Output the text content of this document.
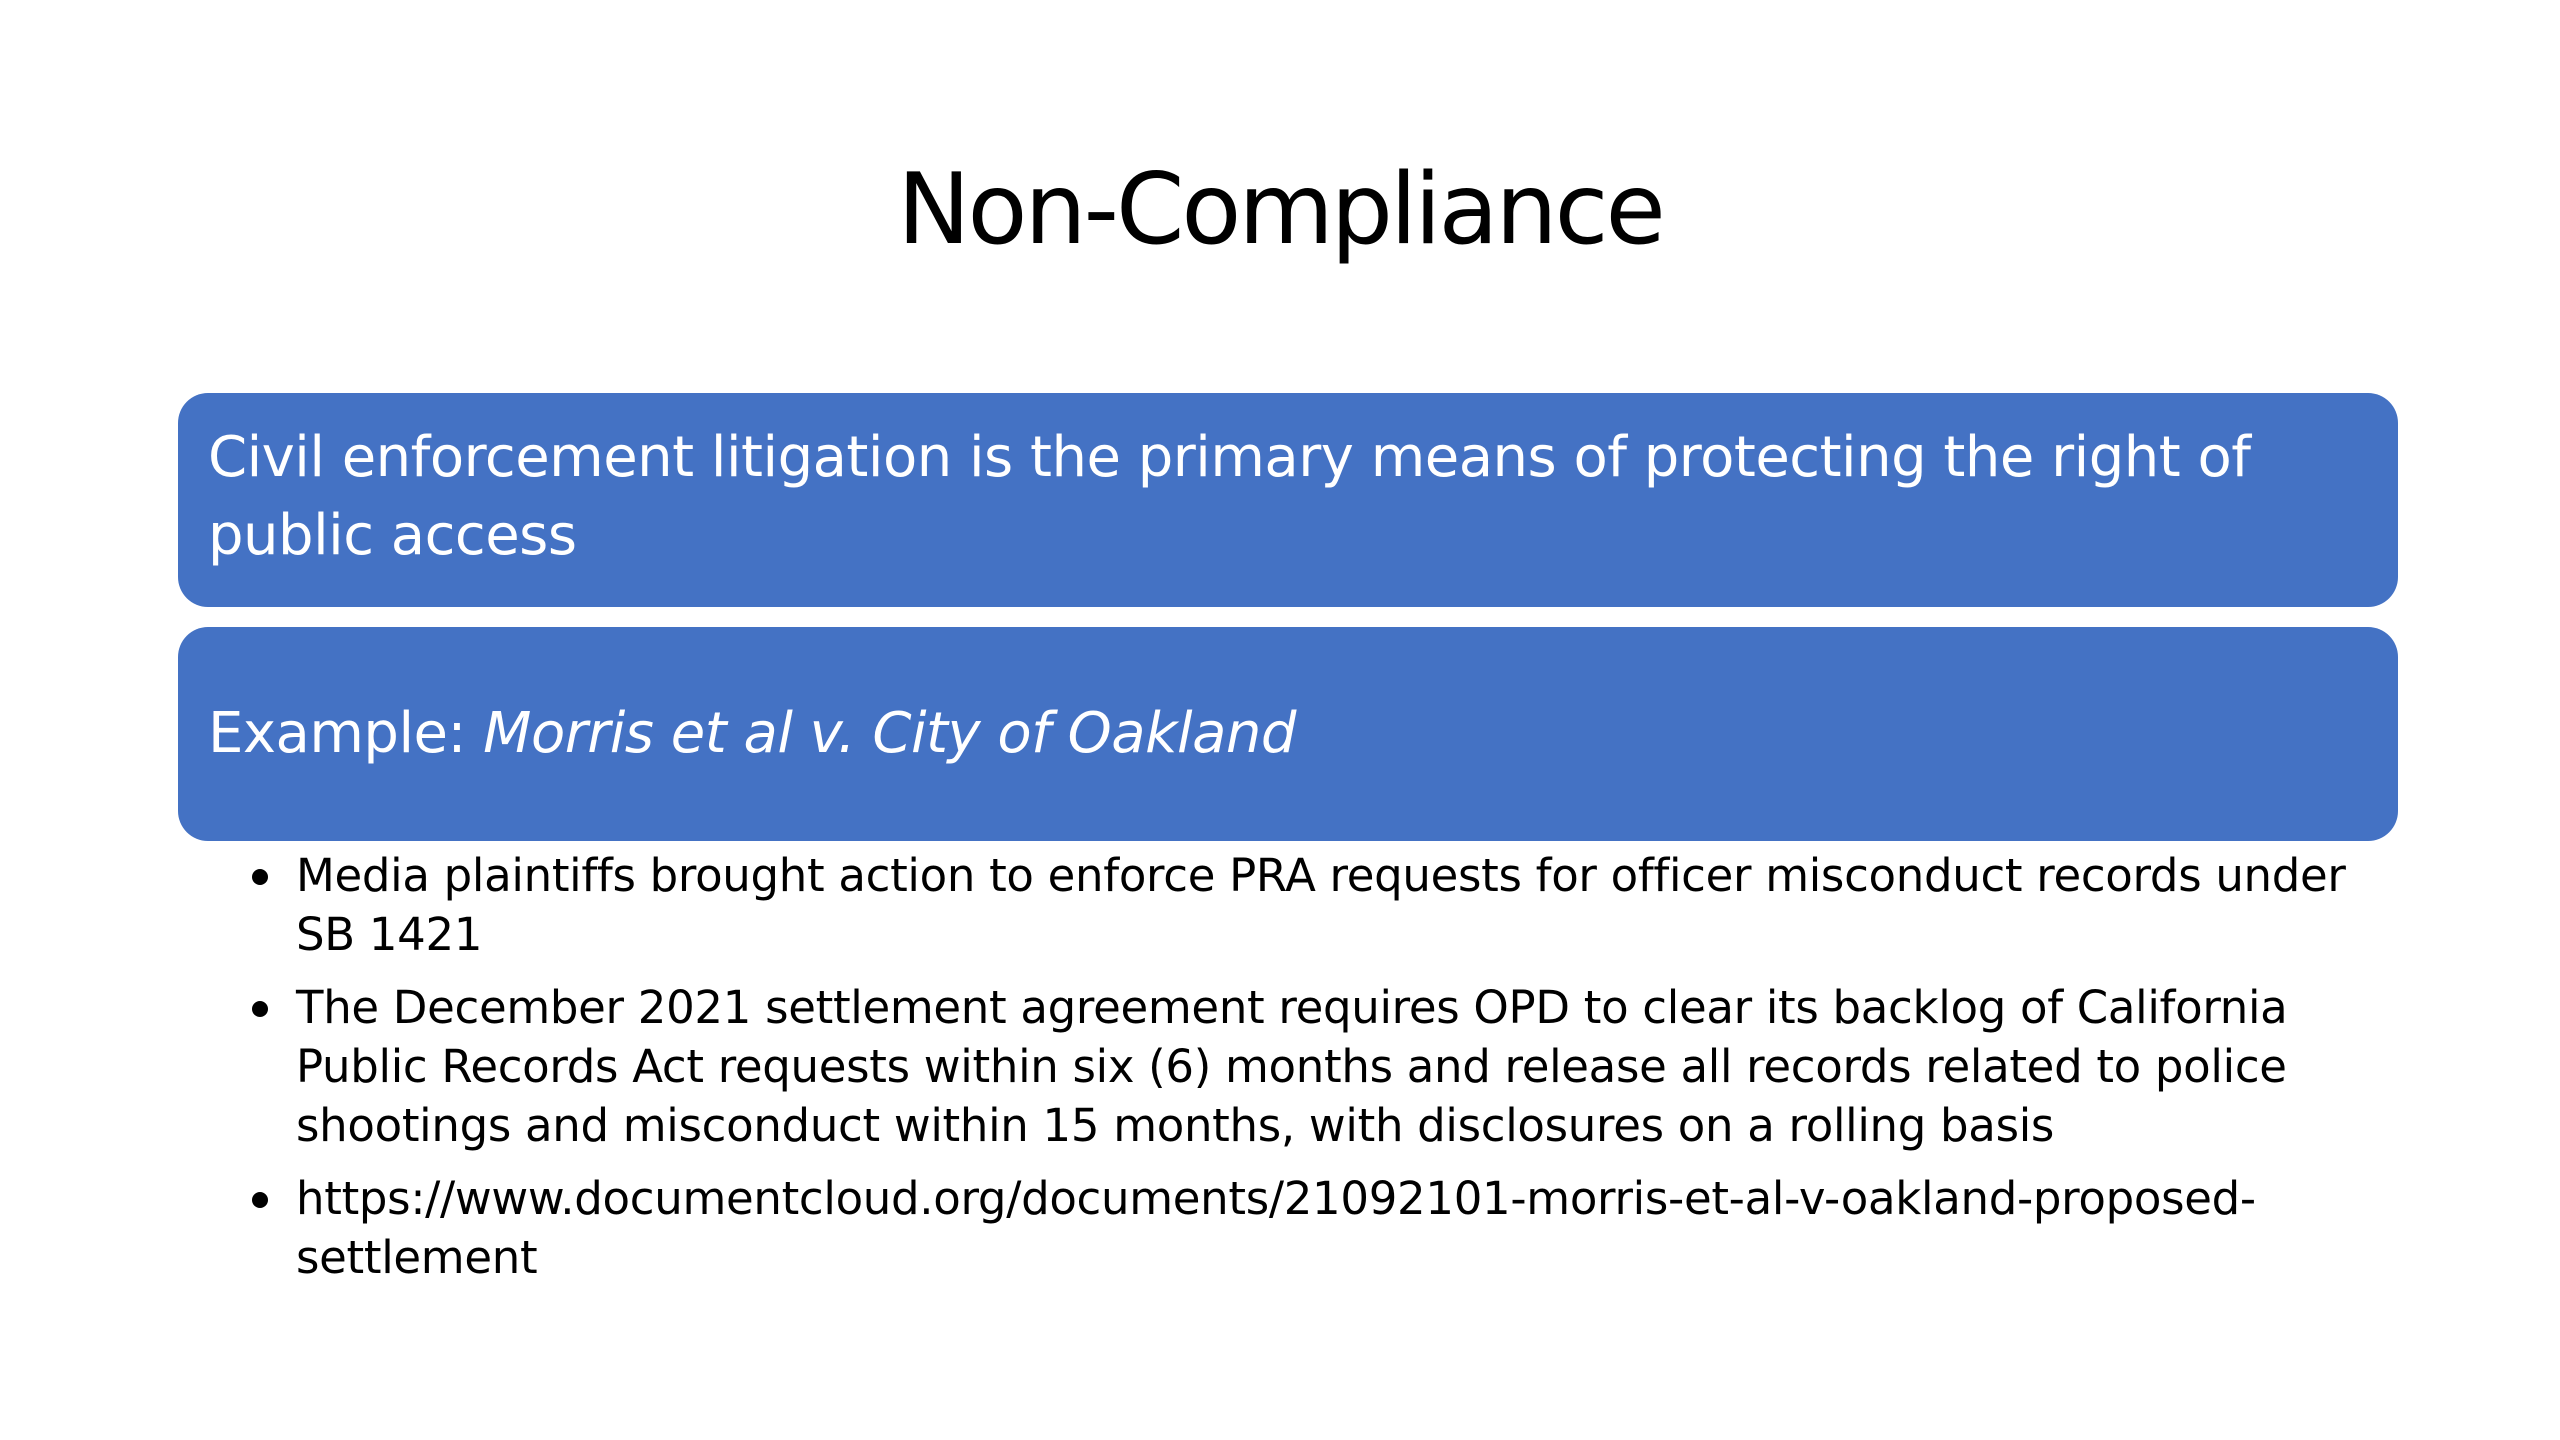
Non-Compliance
Civil enforcement litigation is the primary means of protecting the right of public access
Example: Morris et al v. City of Oakland
Media plaintiffs brought action to enforce PRA requests for officer misconduct records under SB 1421
The December 2021 settlement agreement requires OPD to clear its backlog of California Public Records Act requests within six (6) months and release all records related to police shootings and misconduct within 15 months, with disclosures on a rolling basis
https://www.documentcloud.org/documents/21092101-morris-et-al-v-oakland-proposed-settlement
